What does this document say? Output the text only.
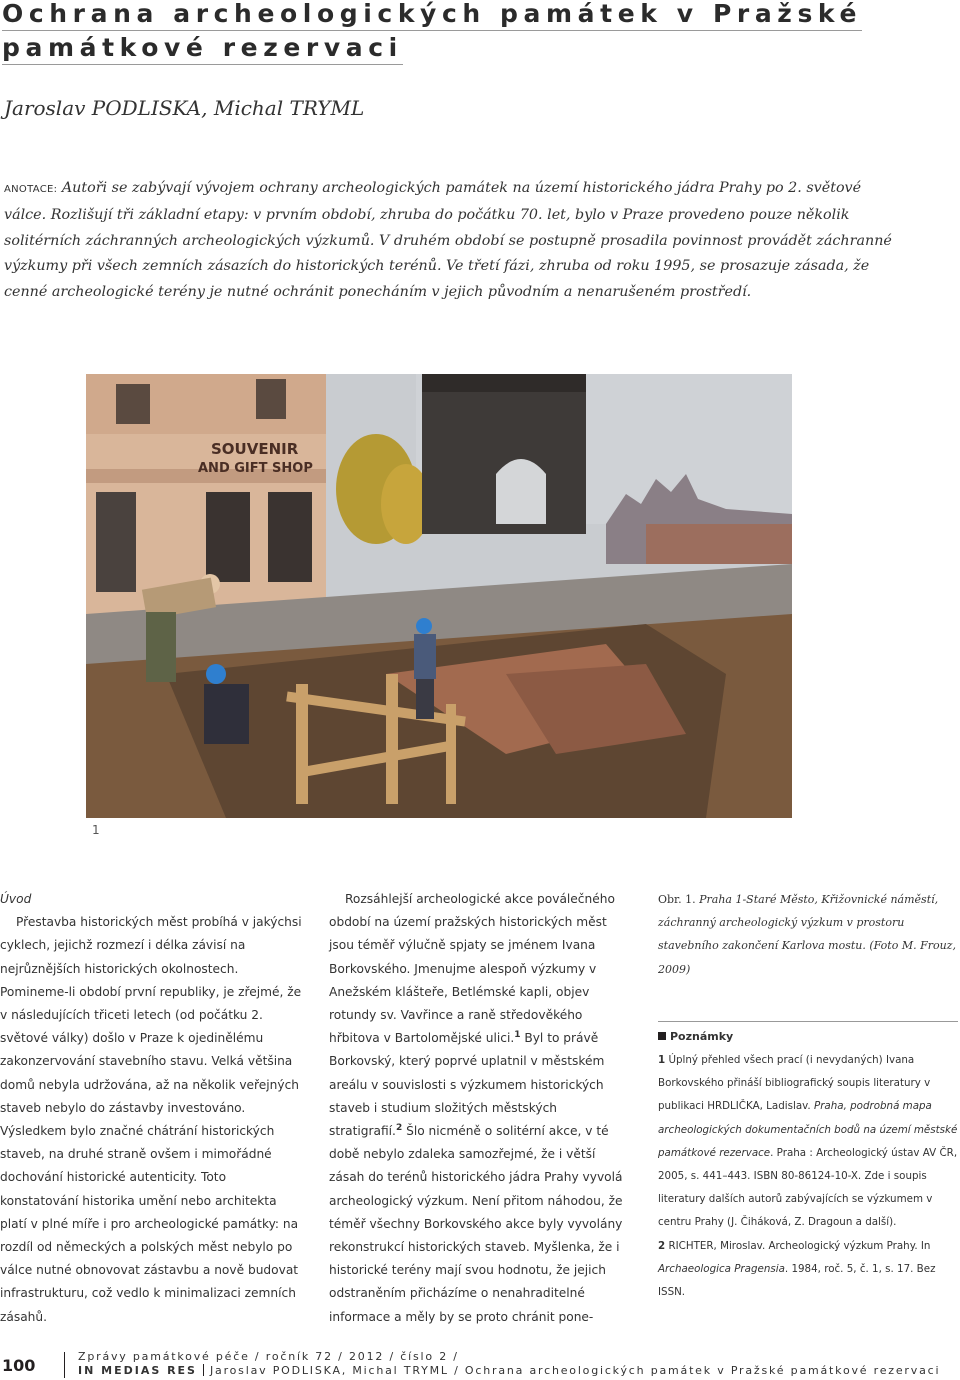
Ochrana archeologických památek v Pražské
památkové rezervaci
Jaroslav PODLISKA, Michal TRYML
ANOTACE: Autoři se zabývají vývojem ochrany archeologických památek na území historického jádra Prahy po 2. světové válce. Rozlišují tři základní etapy: v prvním období, zhruba do počátku 70. let, bylo v Praze provedeno pouze několik solitérních záchranných archeologických výzkumů. V druhém období se postupně prosadila povinnost provádět záchranné výzkumy při všech zemních zásazích do historických terénů. Ve třetí fázi, zhruba od roku 1995, se prosazuje zásada, že cenné archeologické terény je nutné ochránit ponecháním v jejich původním a nenarušeném prostředí.
SOUVENIR
AND GIFT SHOP
1

Úvod

Přestavba historických měst probíhá v jakýchsi cyklech, jejichž rozmezí i délka závisí na nejrůznějších historických okolnostech. Pomineme-li období první republiky, je zřejmé, že v následujících třiceti letech (od počátku 2. světové války) došlo v Praze k ojedinělému zakonzervování stavebního stavu. Velká většina domů nebyla udržována, až na několik veřejných staveb nebylo do zástavby investováno. Výsledkem bylo značné chátrání historických staveb, na druhé straně ovšem i mimořádné dochování historické autenticity. Toto konstatování historika umění nebo architekta platí v plné míře i pro archeologické památky: na rozdíl od německých a polských měst nebylo po válce nutné obnovovat zástavbu a nově budovat infrastrukturu, což vedlo k minimalizaci zemních zásahů.

Rozsáhlejší archeologické akce poválečného období na území pražských historických měst jsou téměř výlučně spjaty se jménem Ivana Borkovského. Jmenujme alespoň výzkumy v Anežském klášteře, Betlémské kapli, objev rotundy sv. Vavřince a raně středověkého hřbitova v Bartolomějské ulici.$^1$ Byl to právě Borkovský, který poprvé uplatnil v městském areálu v souvislosti s výzkumem historických staveb i studium složitých městských stratigrafií.$^2$ Šlo nicméně o solitérní akce, v té době nebylo zdaleka samozřejmé, že i větší zásah do terénů historického jádra Prahy vyvolá archeologický výzkum. Není přitom náhodou, že téměř všechny Borkovského akce byly vyvolány rekonstrukcí historických staveb. Myšlenka, že i historické terény mají svou hodnotu, že jejich odstraněním přicházíme o nenahraditelné informace a měly by se proto chránit pone-

Obr. 1. Praha 1-Staré Město, Křižovnické náměstí, záchranný archeologický výzkum v prostoru stavebního zakončení Karlova mostu. (Foto M. Frouz, 2009)
Poznámky

1 Úplný přehled všech prací (i nevydaných) Ivana Borkovského přináší bibliografický soupis literatury v publikaci HRDLIČKA, Ladislav. Praha, podrobná mapa archeologických dokumentačních bodů na území městské památkové rezervace. Praha : Archeologický ústav AV ČR, 2005, s. 441–443. ISBN 80-86124-10-X. Zde i soupis literatury dalších autorů zabývajících se výzkumem v centru Prahy (J. Čiháková, Z. Dragoun a další).

2 RICHTER, Miroslav. Archeologický výzkum Prahy. In Archaeologica Pragensia. 1984, roč. 5, č. 1, s. 17. Bez ISSN.

100	Zprávy památkové péče / ročník 72 / 2012 / číslo 2 /
IN MEDIAS RES Jaroslav PODLISKA, Michal TRYML / Ochrana archeologických památek v Pražské památkové rezervaci
